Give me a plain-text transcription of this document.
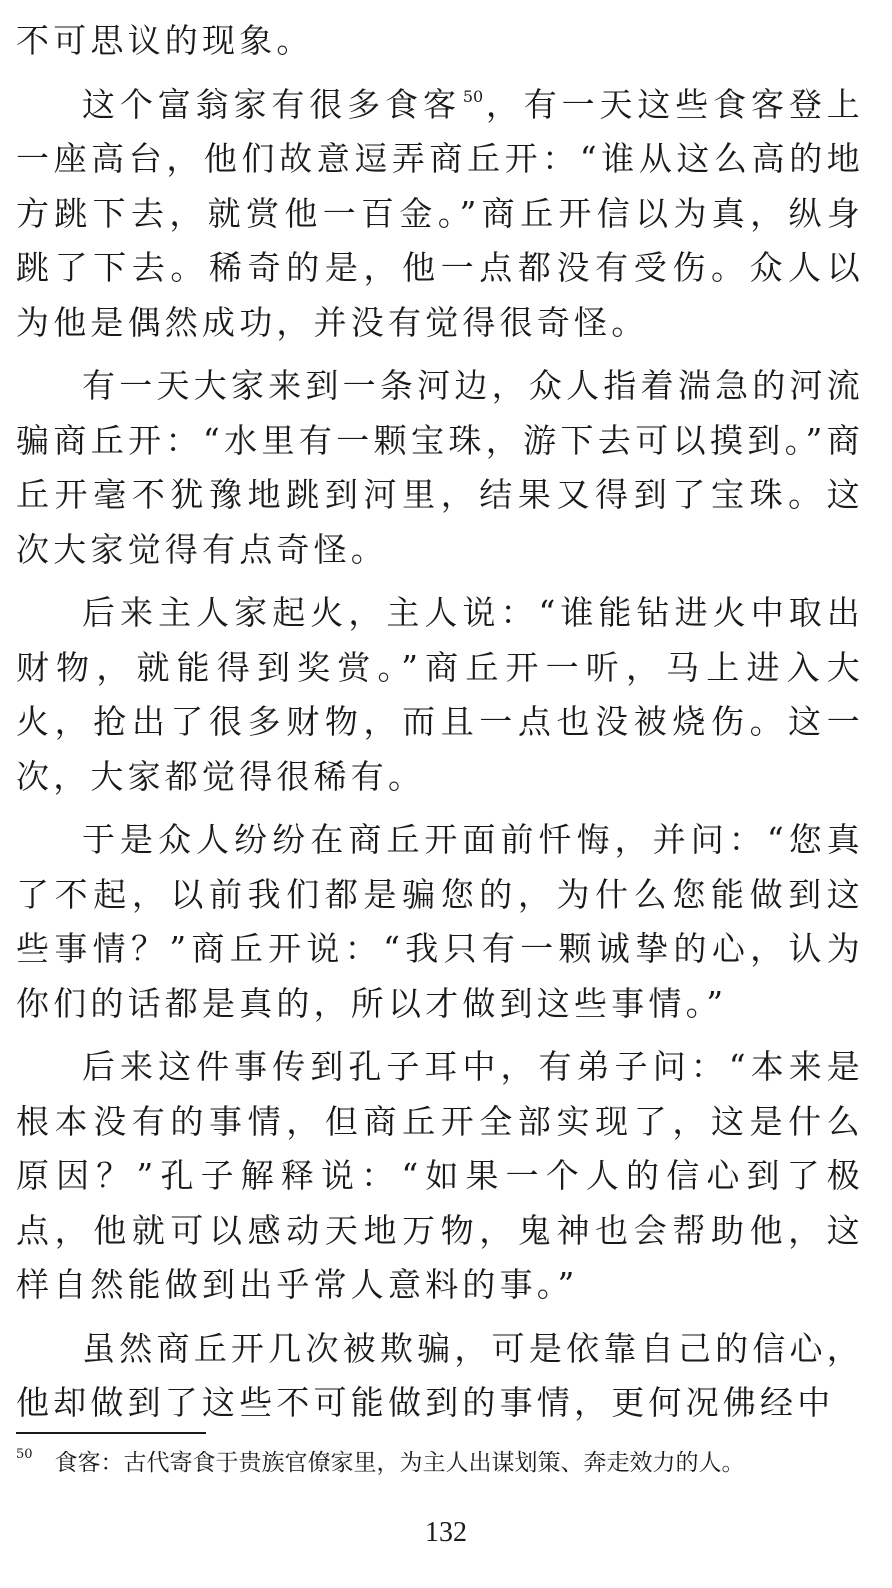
不可思议的现象。

这个富翁家有很多食客 $^{50}$，有一天这些食客登上一座高台，他们故意逗弄商丘开：“谁从这么高的地方跳下去，就赏他一百金。”商丘开信以为真，纵身跳了下去。稀奇的是，他一点都没有受伤。众人以为他是偶然成功，并没有觉得很奇怪。

有一天大家来到一条河边，众人指着湍急的河流骗商丘开：“水里有一颗宝珠，游下去可以摸到。”商丘开毫不犹豫地跳到河里，结果又得到了宝珠。这次大家觉得有点奇怪。

后来主人家起火，主人说：“谁能钻进火中取出财物，就能得到奖赏。”商丘开一听，马上进入大火，抢出了很多财物，而且一点也没被烧伤。这一次，大家都觉得很稀有。

于是众人纷纷在商丘开面前忏悔，并问：“您真了不起，以前我们都是骗您的，为什么您能做到这些事情？”商丘开说：“我只有一颗诚挚的心，认为你们的话都是真的，所以才做到这些事情。”

后来这件事传到孔子耳中，有弟子问：“本来是根本没有的事情，但商丘开全部实现了，这是什么原因？”孔子解释说：“如果一个人的信心到了极点，他就可以感动天地万物，鬼神也会帮助他，这样自然能做到出乎常人意料的事。”

虽然商丘开几次被欺骗，可是依靠自己的信心，他却做到了这些不可能做到的事情，更何况佛经中

$^{50}$ 食客：古代寄食于贵族官僚家里，为主人出谋划策、奔走效力的人。
132
